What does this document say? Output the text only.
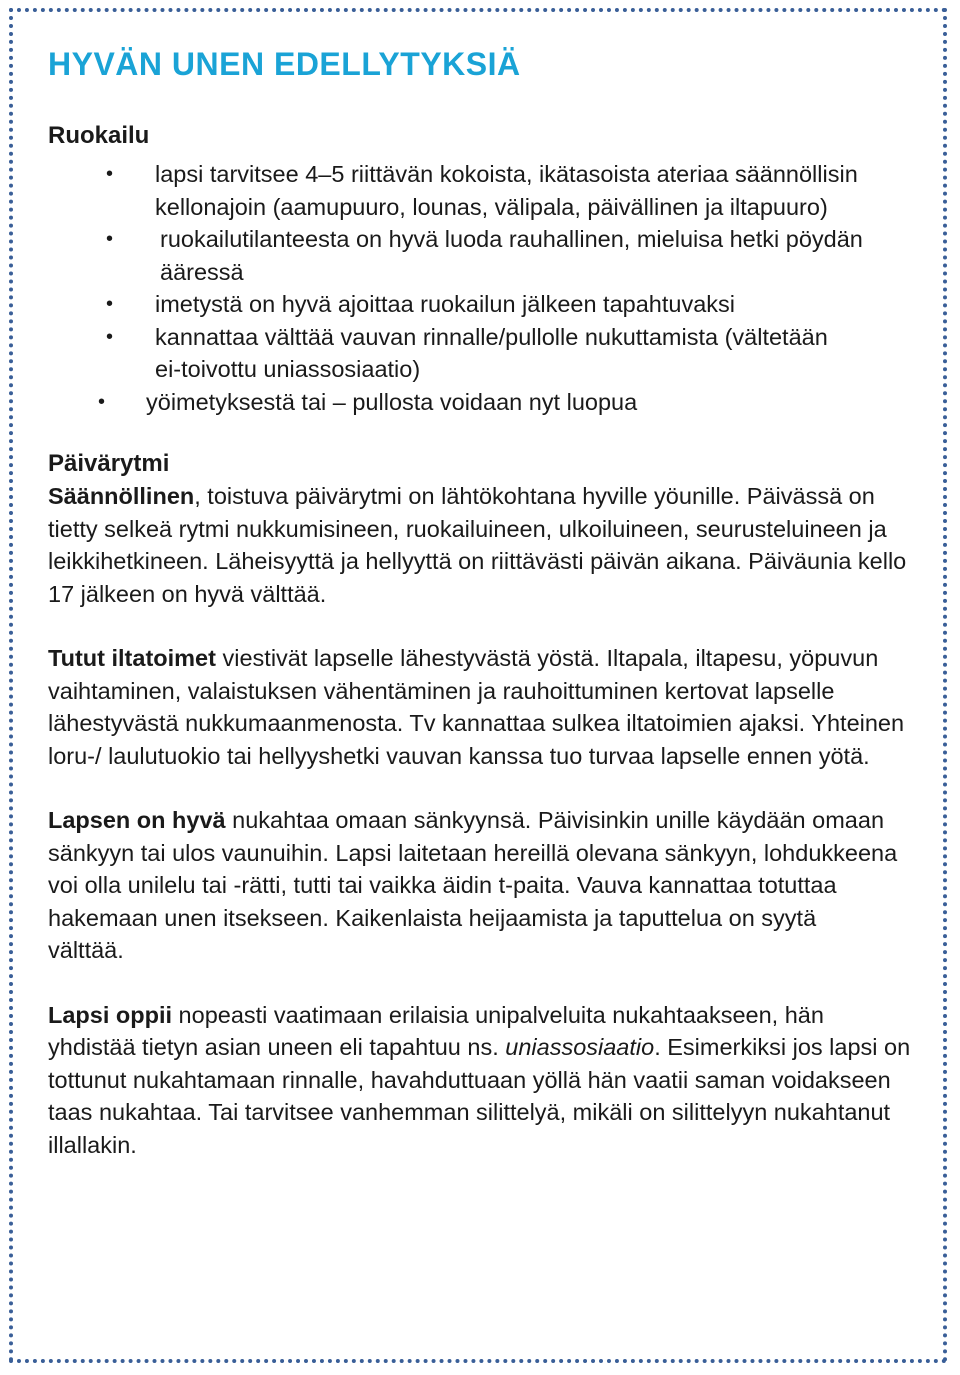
HYVÄN UNEN EDELLYTYKSIÄ
Ruokailu
• lapsi tarvitsee 4–5 riittävän kokoista, ikätasoista ateriaa säännöllisin kellonajoin (aamupuuro, lounas, välipala, päivällinen ja iltapuuro)
• ruokailutilanteesta on hyvä luoda rauhallinen, mieluisa hetki pöydän ääressä
• imetystä on hyvä ajoittaa ruokailun jälkeen tapahtuvaksi
• kannattaa välttää vauvan rinnalle/pullolle nukuttamista (vältetään ei-toivottu uniassosiaatio)
• yöimetyksestä tai – pullosta voidaan nyt luopua
Päivärytmi

Säännöllinen, toistuva päivärytmi on lähtökohtana hyville yöunille. Päivässä on tietty selkeä rytmi nukkumisineen, ruokailuineen, ulkoiluineen, seurusteluineen ja leikkihetkineen. Läheisyyttä ja hellyyttä on riittävästi päivän aikana. Päiväunia kello 17 jälkeen on hyvä välttää.

Tutut iltatoimet viestivät lapselle lähestyvästä yöstä. Iltapala, iltapesu, yöpuvun vaihtaminen, valaistuksen vähentäminen ja rauhoittuminen kertovat lapselle lähestyvästä nukkumaanmenosta. Tv kannattaa sulkea iltatoimien ajaksi. Yhteinen loru-/ laulutuokio tai hellyyshetki vauvan kanssa tuo turvaa lapselle ennen yötä.

Lapsen on hyvä nukahtaa omaan sänkyynsä. Päivisinkin unille käydään omaan sänkyyn tai ulos vaunuihin. Lapsi laitetaan hereillä olevana sänkyyn, lohdukkeena voi olla unilelu tai -rätti, tutti tai vaikka äidin t-paita. Vauva kannattaa totuttaa hakemaan unen itsekseen. Kaikenlaista heijaamista ja taputtelua on syytä välttää.

Lapsi oppii nopeasti vaatimaan erilaisia unipalveluita nukahtaakseen, hän yhdistää tietyn asian uneen eli tapahtuu ns. uniassosiaatio. Esimerkiksi jos lapsi on tottunut nukahtamaan rinnalle, havahduttuaan yöllä hän vaatii saman voidakseen taas nukahtaa. Tai tarvitsee vanhemman silittelyä, mikäli on silittelyyn nukahtanut illallakin.
